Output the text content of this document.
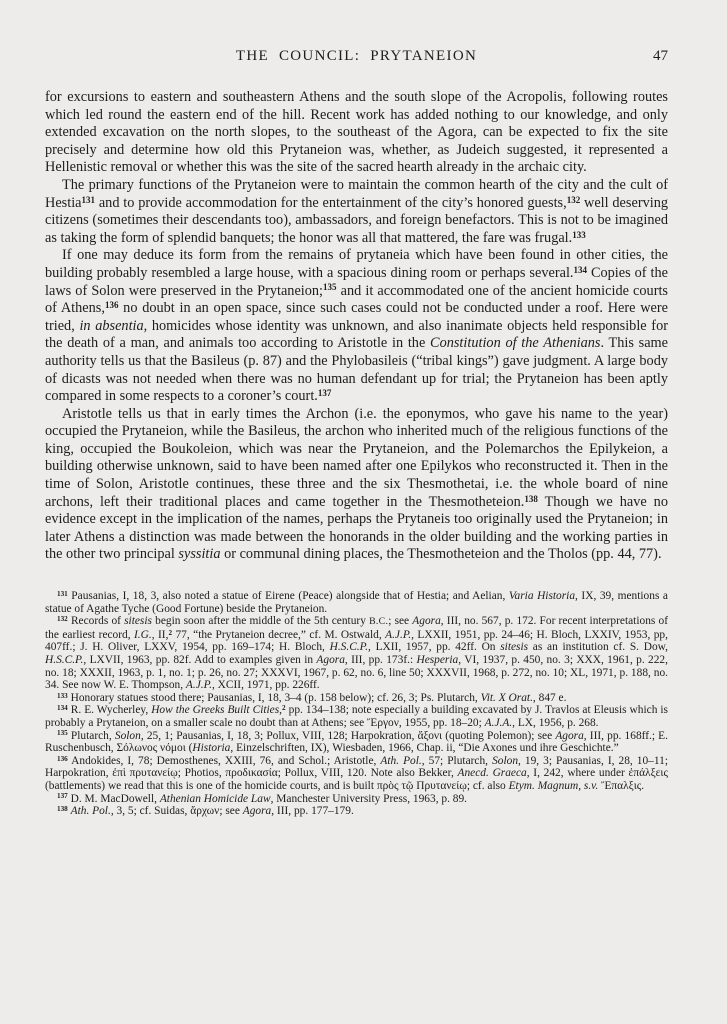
THE COUNCIL: PRYTANEION	47

for excursions to eastern and southeastern Athens and the south slope of the Acropolis, following routes which led round the eastern end of the hill. Recent work has added nothing to our knowledge, and only extended excavation on the north slopes, to the southeast of the Agora, can be expected to fix the site precisely and determine how old this Prytaneion was, whether, as Judeich suggested, it represented a Hellenistic removal or whether this was the site of the sacred hearth already in the archaic city.

The primary functions of the Prytaneion were to maintain the common hearth of the city and the cult of Hestia$^{131}$ and to provide accommodation for the entertainment of the city’s honored guests,$^{132}$ well deserving citizens (sometimes their descendants too), ambassadors, and foreign benefactors. This is not to be imagined as taking the form of splendid banquets; the honor was all that mattered, the fare was frugal.$^{133}$

If one may deduce its form from the remains of prytaneia which have been found in other cities, the building probably resembled a large house, with a spacious dining room or perhaps several.$^{134}$ Copies of the laws of Solon were preserved in the Prytaneion;$^{135}$ and it accommodated one of the ancient homicide courts of Athens,$^{136}$ no doubt in an open space, since such cases could not be conducted under a roof. Here were tried, in absentia, homicides whose identity was unknown, and also inanimate objects held responsible for the death of a man, and animals too according to Aristotle in the Constitution of the Athenians. This same authority tells us that the Basileus (p. 87) and the Phylobasileis (“tribal kings”) gave judgment. A large body of dicasts was not needed when there was no human defendant up for trial; the Prytaneion has been aptly compared in some respects to a coroner’s court.$^{137}$

Aristotle tells us that in early times the Archon (i.e. the eponymos, who gave his name to the year) occupied the Prytaneion, while the Basileus, the archon who inherited much of the religious functions of the king, occupied the Boukoleion, which was near the Prytaneion, and the Polemarchos the Epilykeion, a building otherwise unknown, said to have been named after one Epilykos who reconstructed it. Then in the time of Solon, Aristotle continues, these three and the six Thesmothetai, i.e. the whole board of nine archons, left their traditional places and came together in the Thesmotheteion.$^{138}$ Though we have no evidence except in the implication of the names, perhaps the Prytaneis too originally used the Prytaneion; in later Athens a distinction was made between the honorands in the older building and the working parties in the other two principal syssitia or communal dining places, the Thesmotheteion and the Tholos (pp. 44, 77).

$^{131}$ Pausanias, I, 18, 3, also noted a statue of Eirene (Peace) alongside that of Hestia; and Aelian, Varia Historia, IX, 39, mentions a statue of Agathe Tyche (Good Fortune) beside the Prytaneion.

$^{132}$ Records of sitesis begin soon after the middle of the 5th century B.C.; see Agora, III, no. 567, p. 172. For recent interpretations of the earliest record, I.G., II,$^2$ 77, “the Prytaneion decree,” cf. M. Ostwald, A.J.P., LXXII, 1951, pp. 24–46; H. Bloch, LXXIV, 1953, pp, 407ff.; J. H. Oliver, LXXV, 1954, pp. 169–174; H. Bloch, H.S.C.P., LXII, 1957, pp. 42ff. On sitesis as an institution cf. S. Dow, H.S.C.P., LXVII, 1963, pp. 82f. Add to examples given in Agora, III, pp. 173f.: Hesperia, VI, 1937, p. 450, no. 3; XXX, 1961, p. 222, no. 18; XXXII, 1963, p. 1, no. 1; p. 26, no. 27; XXXVI, 1967, p. 62, no. 6, line 50; XXXVII, 1968, p. 272, no. 10; XL, 1971, p. 188, no. 34. See now W. E. Thompson, A.J.P., XCII, 1971, pp. 226ff.

$^{133}$ Honorary statues stood there; Pausanias, I, 18, 3–4 (p. 158 below); cf. 26, 3; Ps. Plutarch, Vit. X Orat., 847 e.

$^{134}$ R. E. Wycherley, How the Greeks Built Cities,$^2$ pp. 134–138; note especially a building excavated by J. Travlos at Eleusis which is probably a Prytaneion, on a smaller scale no doubt than at Athens; see Ἔργον, 1955, pp. 18–20; A.J.A., LX, 1956, p. 268.

$^{135}$ Plutarch, Solon, 25, 1; Pausanias, I, 18, 3; Pollux, VIII, 128; Harpokration, ἄξονι (quoting Polemon); see Agora, III, pp. 168ff.; E. Ruschenbusch, Σόλωνος νόμοι (Historia, Einzelschriften, IX), Wiesbaden, 1966, Chap. ii, “Die Axones und ihre Geschichte.”

$^{136}$ Andokides, I, 78; Demosthenes, XXIII, 76, and Schol.; Aristotle, Ath. Pol., 57; Plutarch, Solon, 19, 3; Pausanias, I, 28, 10–11; Harpokration, ἐπὶ πρυτανείῳ; Photios, προδικασία; Pollux, VIII, 120. Note also Bekker, Anecd. Graeca, I, 242, where under ἐπάλξεις (battlements) we read that this is one of the homicide courts, and is built πρὸς τῷ Πρυτανείῳ; cf. also Etym. Magnum, s.v. Ἔπαλξις.

$^{137}$ D. M. MacDowell, Athenian Homicide Law, Manchester University Press, 1963, p. 89.

$^{138}$ Ath. Pol., 3, 5; cf. Suidas, ἄρχων; see Agora, III, pp. 177–179.
